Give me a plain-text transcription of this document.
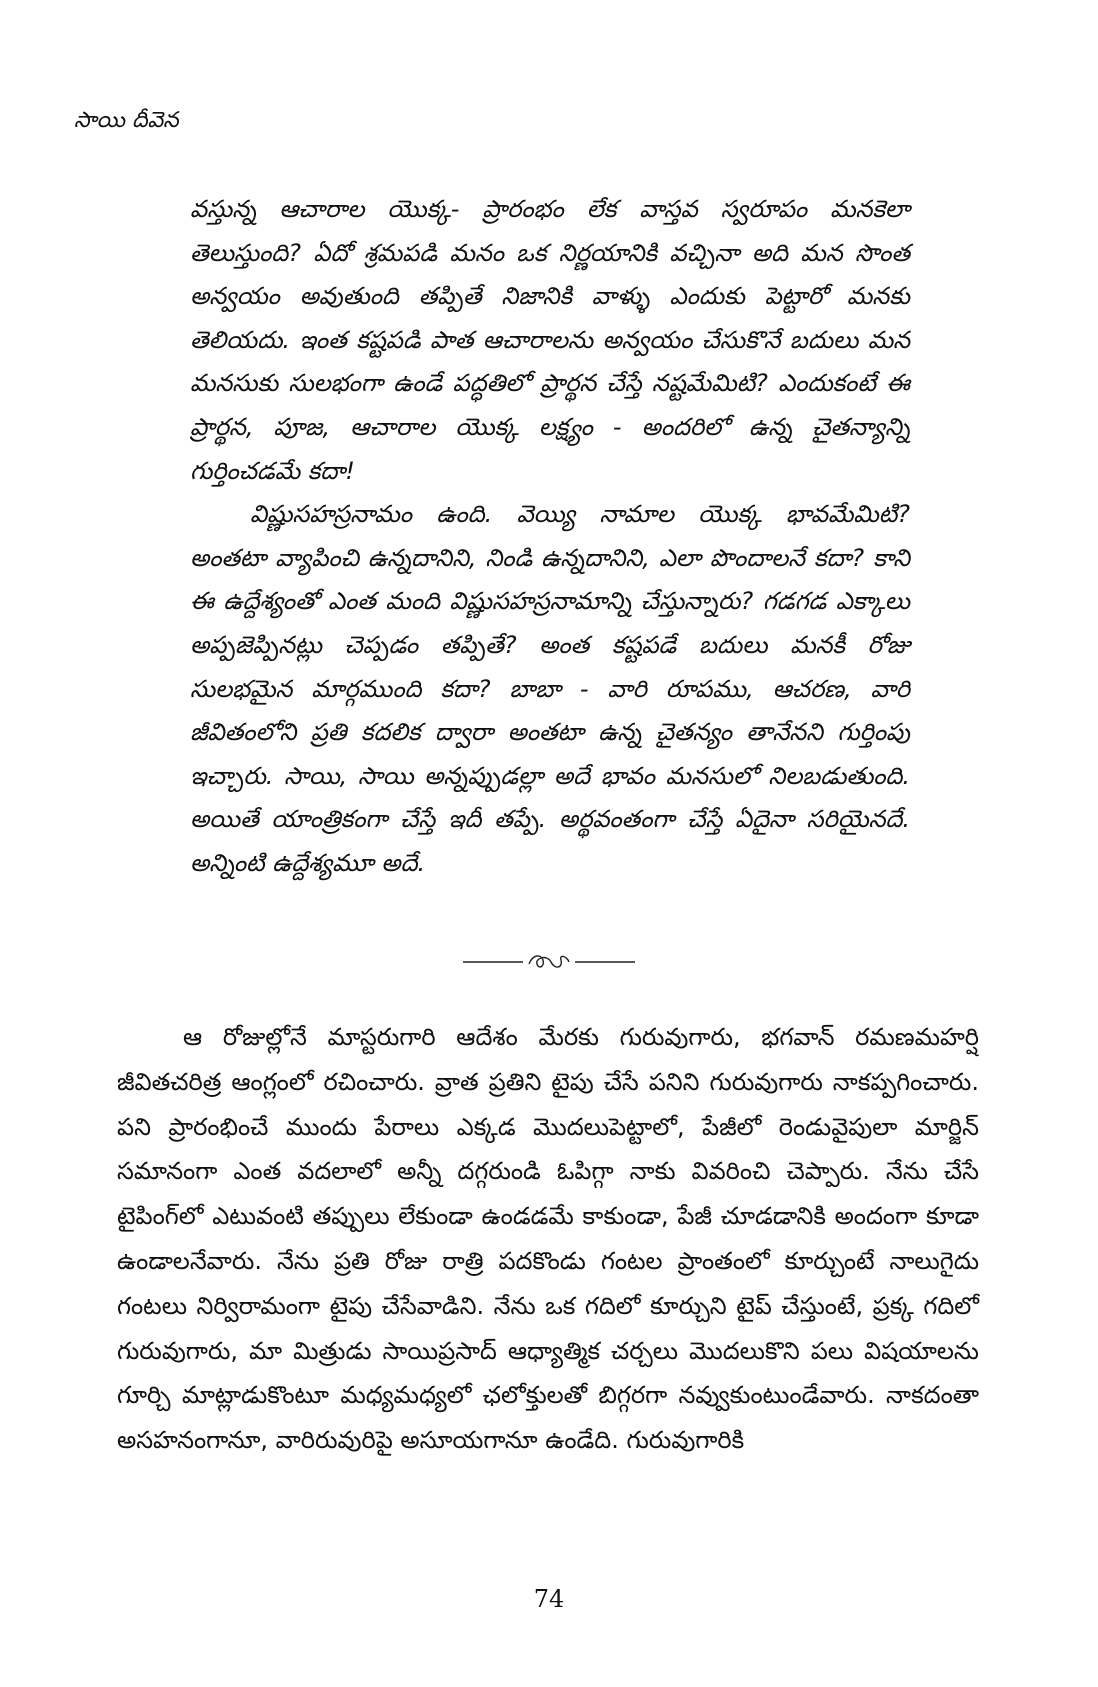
సాయి దీవెన

వస్తున్న ఆచారాల యొక్క- ప్రారంభం లేక వాస్తవ స్వరూపం మనకెలా తెలుస్తుంది? ఏదో శ్రమపడి మనం ఒక నిర్ణయానికి వచ్చినా అది మన సొంత అన్వయం అవుతుంది తప్పితే నిజానికి వాళ్ళు ఎందుకు పెట్టారో మనకు తెలియదు. ఇంత కష్టపడి పాత ఆచారాలను అన్వయం చేసుకొనే బదులు మన మనసుకు సులభంగా ఉండే పద్ధతిలో ప్రార్థన చేస్తే నష్టమేమిటి? ఎందుకంటే ఈ ప్రార్థన, పూజ, ఆచారాల యొక్క లక్ష్యం - అందరిలో ఉన్న చైతన్యాన్ని గుర్తించడమే కదా!

విష్ణుసహస్రనామం ఉంది. వెయ్యి నామాల యొక్క భావమేమిటి? అంతటా వ్యాపించి ఉన్నదానిని, నిండి ఉన్నదానిని, ఎలా పొందాలనే కదా? కాని ఈ ఉద్దేశ్యంతో ఎంత మంది విష్ణుసహస్రనామాన్ని చేస్తున్నారు? గడగడ ఎక్కాలు అప్పజెప్పినట్లు చెప్పడం తప్పితే? అంత కష్టపడే బదులు మనకీ రోజు సులభమైన మార్గముంది కదా? బాబా - వారి రూపము, ఆచరణ, వారి జీవితంలోని ప్రతి కదలిక ద్వారా అంతటా ఉన్న చైతన్యం తానేనని గుర్తింపు ఇచ్చారు. సాయి, సాయి అన్నప్పుడల్లా అదే భావం మనసులో నిలబడుతుంది. అయితే యాంత్రికంగా చేస్తే ఇదీ తప్పే. అర్థవంతంగా చేస్తే ఏదైనా సరియైనదే. అన్నింటి ఉద్దేశ్యమూ అదే.

ఆ రోజుల్లోనే మాస్టరుగారి ఆదేశం మేరకు గురువుగారు, భగవాన్ రమణమహర్షి జీవితచరిత్ర ఆంగ్లంలో రచించారు. వ్రాత ప్రతిని టైపు చేసే పనిని గురువుగారు నాకప్పగించారు. పని ప్రారంభించే ముందు పేరాలు ఎక్కడ మొదలుపెట్టాలో, పేజీలో రెండువైపులా మార్జిన్ సమానంగా ఎంత వదలాలో అన్నీ దగ్గరుండి ఓపిగ్గా నాకు వివరించి చెప్పారు. నేను చేసే టైపింగ్‌లో ఎటువంటి తప్పులు లేకుండా ఉండడమే కాకుండా, పేజీ చూడడానికి అందంగా కూడా ఉండాలనేవారు. నేను ప్రతి రోజు రాత్రి పదకొండు గంటల ప్రాంతంలో కూర్చుంటే నాలుగైదు గంటలు నిర్విరామంగా టైపు చేసేవాడిని. నేను ఒక గదిలో కూర్చుని టైప్ చేస్తుంటే, ప్రక్క గదిలో గురువుగారు, మా మిత్రుడు సాయిప్రసాద్ ఆధ్యాత్మిక చర్చలు మొదలుకొని పలు విషయాలను గూర్చి మాట్లాడుకొంటూ మధ్యమధ్యలో ఛలోక్తులతో బిగ్గరగా నవ్వుకుంటుండేవారు. నాకదంతా అసహనంగానూ, వారిరువురిపై అసూయగానూ ఉండేది. గురువుగారికి

74
